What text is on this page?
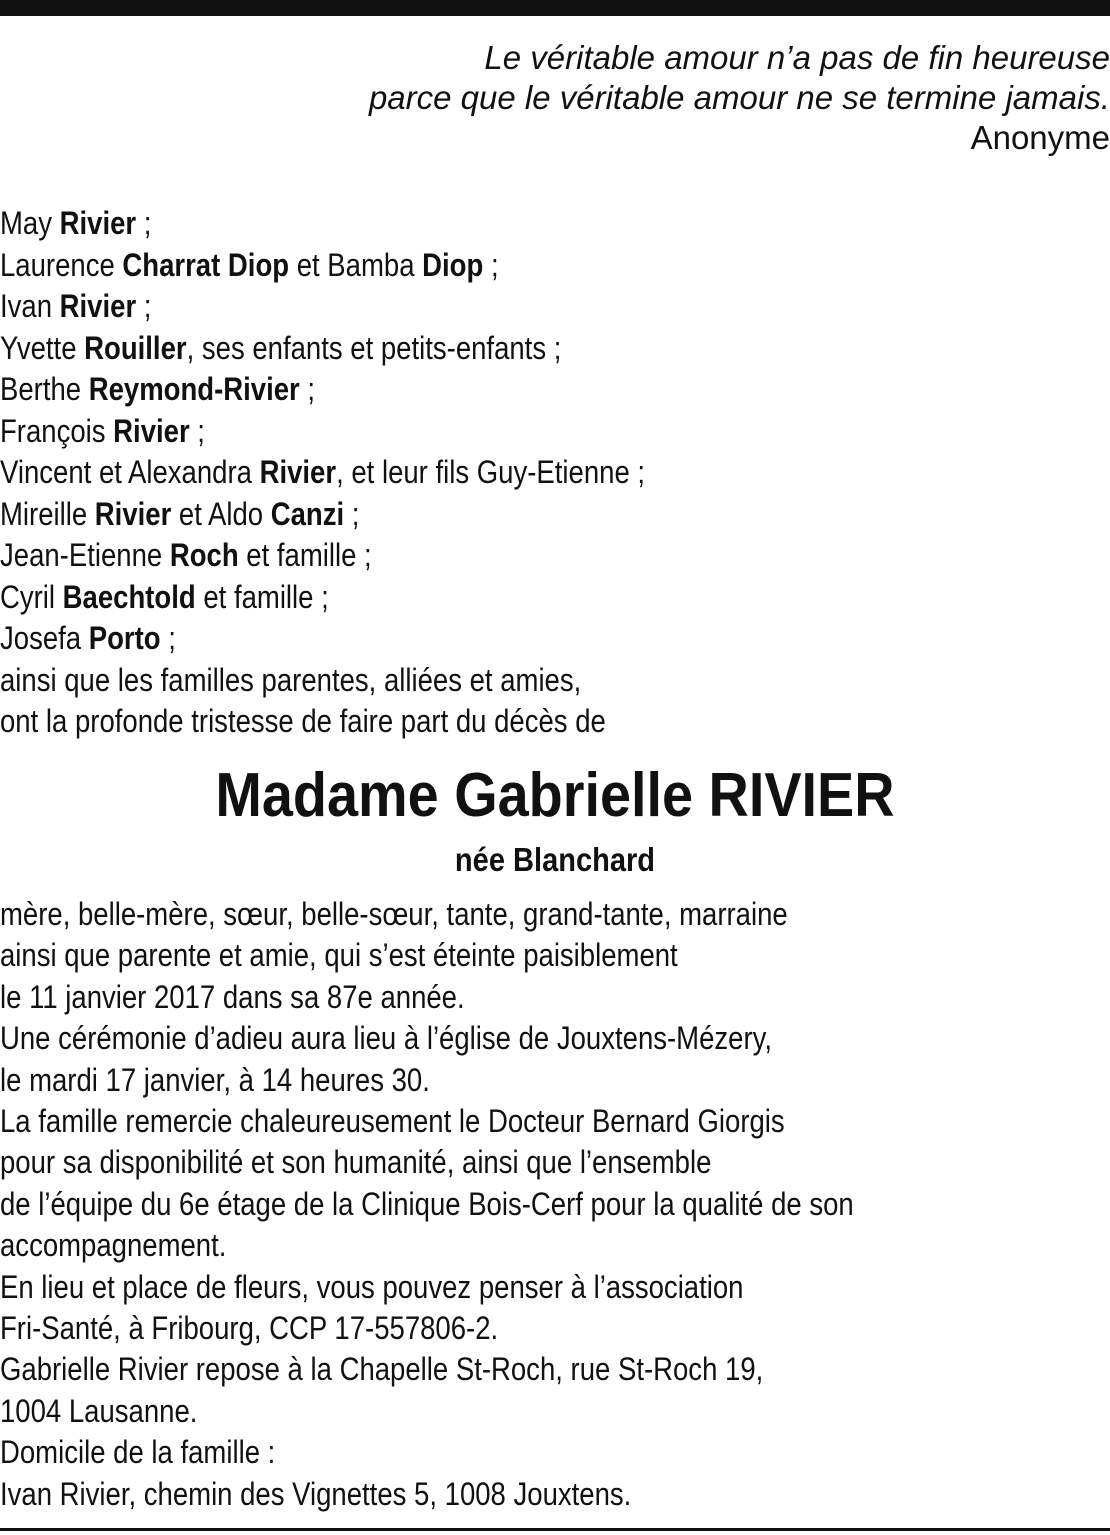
Le véritable amour n’a pas de fin heureuse
parce que le véritable amour ne se termine jamais.
Anonyme
May Rivier ;
Laurence Charrat Diop et Bamba Diop ;
Ivan Rivier ;
Yvette Rouiller, ses enfants et petits-enfants ;
Berthe Reymond-Rivier ;
François Rivier ;
Vincent et Alexandra Rivier, et leur fils Guy-Etienne ;
Mireille Rivier et Aldo Canzi ;
Jean-Etienne Roch et famille ;
Cyril Baechtold et famille ;
Josefa Porto ;
ainsi que les familles parentes, alliées et amies,
ont la profonde tristesse de faire part du décès de
Madame Gabrielle RIVIER
née Blanchard
mère, belle-mère, sœur, belle-sœur, tante, grand-tante, marraine
ainsi que parente et amie, qui s’est éteinte paisiblement
le 11 janvier 2017 dans sa 87e année.
Une cérémonie d’adieu aura lieu à l’église de Jouxtens-Mézery,
le mardi 17 janvier, à 14 heures 30.
La famille remercie chaleureusement le Docteur Bernard Giorgis
pour sa disponibilité et son humanité, ainsi que l’ensemble
de l’équipe du 6e étage de la Clinique Bois-Cerf pour la qualité de son
accompagnement.
En lieu et place de fleurs, vous pouvez penser à l’association
Fri-Santé, à Fribourg, CCP 17-557806-2.
Gabrielle Rivier repose à la Chapelle St-Roch, rue St-Roch 19,
1004 Lausanne.
Domicile de la famille :
Ivan Rivier, chemin des Vignettes 5, 1008 Jouxtens.
